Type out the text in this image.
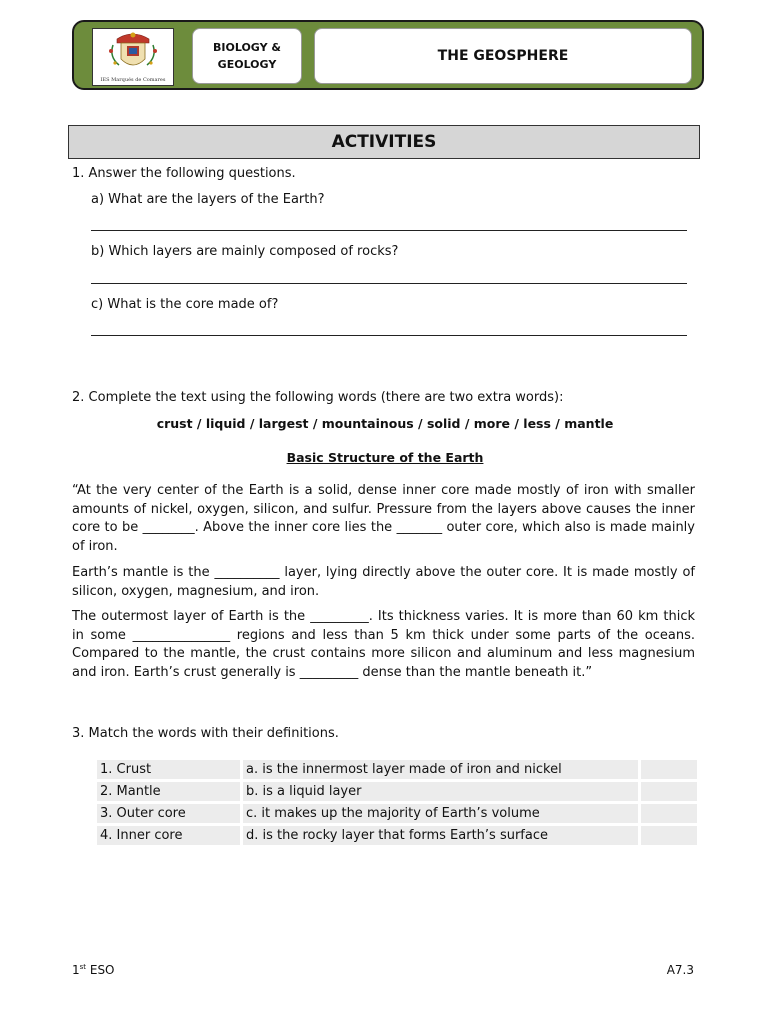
IES Marqués de Comares
BIOLOGY &
GEOLOGY
THE GEOSPHERE
ACTIVITIES
1. Answer the following questions.
a) What are the layers of the Earth?
b) Which layers are mainly composed of rocks?
c) What is the core made of?
2. Complete the text using the following words (there are two extra words):
crust / liquid / largest / mountainous / solid / more / less / mantle
Basic Structure of the Earth
“At the very center of the Earth is a solid, dense inner core made mostly of iron with smaller amounts of nickel, oxygen, silicon, and sulfur. Pressure from the layers above causes the inner core to be ________. Above the inner core lies the _______ outer core, which also is made mainly of iron.
Earth’s mantle is the __________ layer, lying directly above the outer core. It is made mostly of silicon, oxygen, magnesium, and iron.
The outermost layer of Earth is the _________. Its thickness varies. It is more than 60 km thick in some _______________ regions and less than 5 km thick under some parts of the oceans. Compared to the mantle, the crust contains more silicon and aluminum and less magnesium and iron. Earth’s crust generally is _________ dense than the mantle beneath it.”
3. Match the words with their definitions.
1. Crust	a. is the innermost layer made of iron and nickel	
2. Mantle	b. is a liquid layer	
3. Outer core	c. it makes up the majority of Earth’s volume	
4. Inner core	d. is the rocky layer that forms Earth’s surface	
1st ESO	A7.3
